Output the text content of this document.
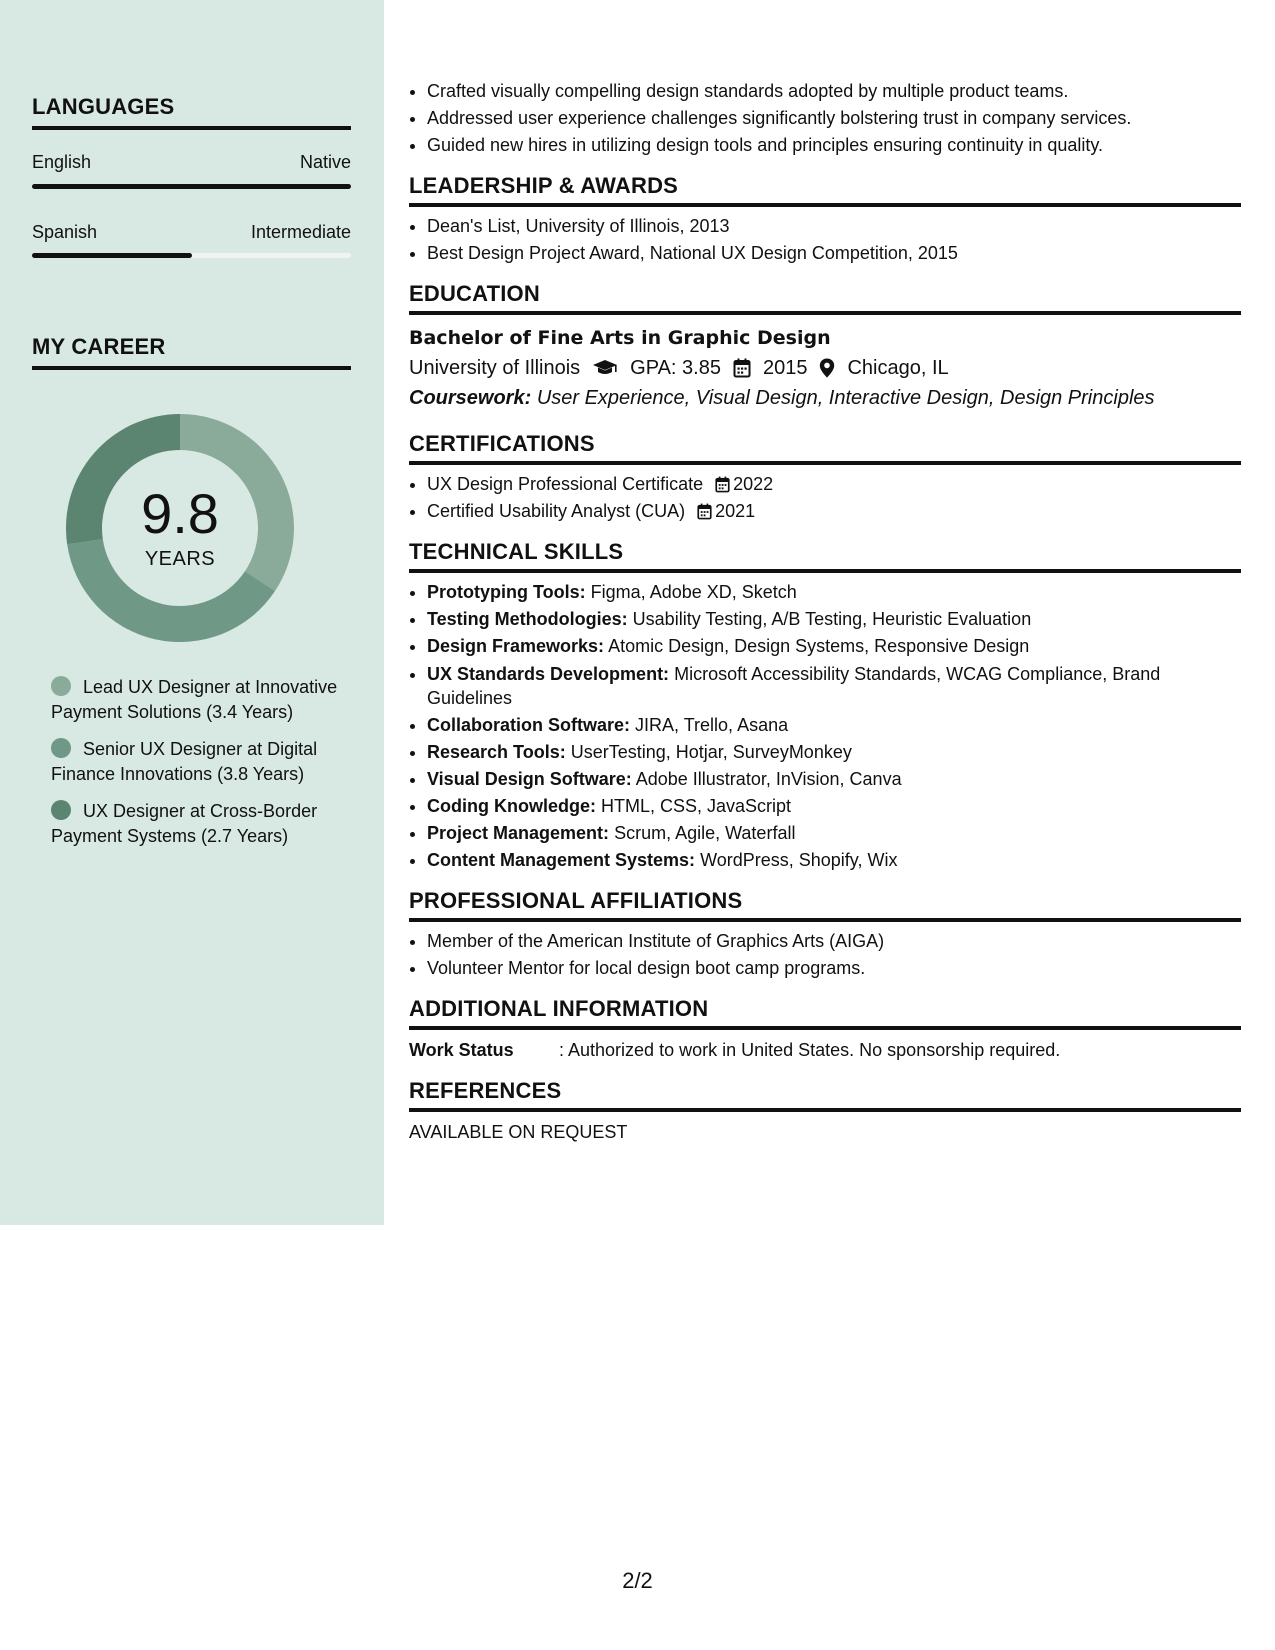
LANGUAGES
English	Native
Spanish	Intermediate
MY CAREER
9.8
YEARS
Lead UX Designer at Innovative Payment Solutions (3.4 Years)
Senior UX Designer at Digital Finance Innovations (3.8 Years)
UX Designer at Cross-Border Payment Systems (2.7 Years)
• Crafted visually compelling design standards adopted by multiple product teams.
• Addressed user experience challenges significantly bolstering trust in company services.
• Guided new hires in utilizing design tools and principles ensuring continuity in quality.
LEADERSHIP & AWARDS
• Dean's List, University of Illinois, 2013
• Best Design Project Award, National UX Design Competition, 2015
EDUCATION
Bachelor of Fine Arts in Graphic Design
University of Illinois	GPA: 3.85 2015 Chicago, IL
Coursework: User Experience, Visual Design, Interactive Design, Design Principles
CERTIFICATIONS
• UX Design Professional Certificate 2022
• Certified Usability Analyst (CUA) 2021
TECHNICAL SKILLS
• Prototyping Tools: Figma, Adobe XD, Sketch
• Testing Methodologies: Usability Testing, A/B Testing, Heuristic Evaluation
• Design Frameworks: Atomic Design, Design Systems, Responsive Design
• UX Standards Development: Microsoft Accessibility Standards, WCAG Compliance, Brand Guidelines
• Collaboration Software: JIRA, Trello, Asana
• Research Tools: UserTesting, Hotjar, SurveyMonkey
• Visual Design Software: Adobe Illustrator, InVision, Canva
• Coding Knowledge: HTML, CSS, JavaScript
• Project Management: Scrum, Agile, Waterfall
• Content Management Systems: WordPress, Shopify, Wix
PROFESSIONAL AFFILIATIONS
• Member of the American Institute of Graphics Arts (AIGA)
• Volunteer Mentor for local design boot camp programs.
ADDITIONAL INFORMATION
Work Status	: Authorized to work in United States. No sponsorship required.
REFERENCES
AVAILABLE ON REQUEST
2/2
